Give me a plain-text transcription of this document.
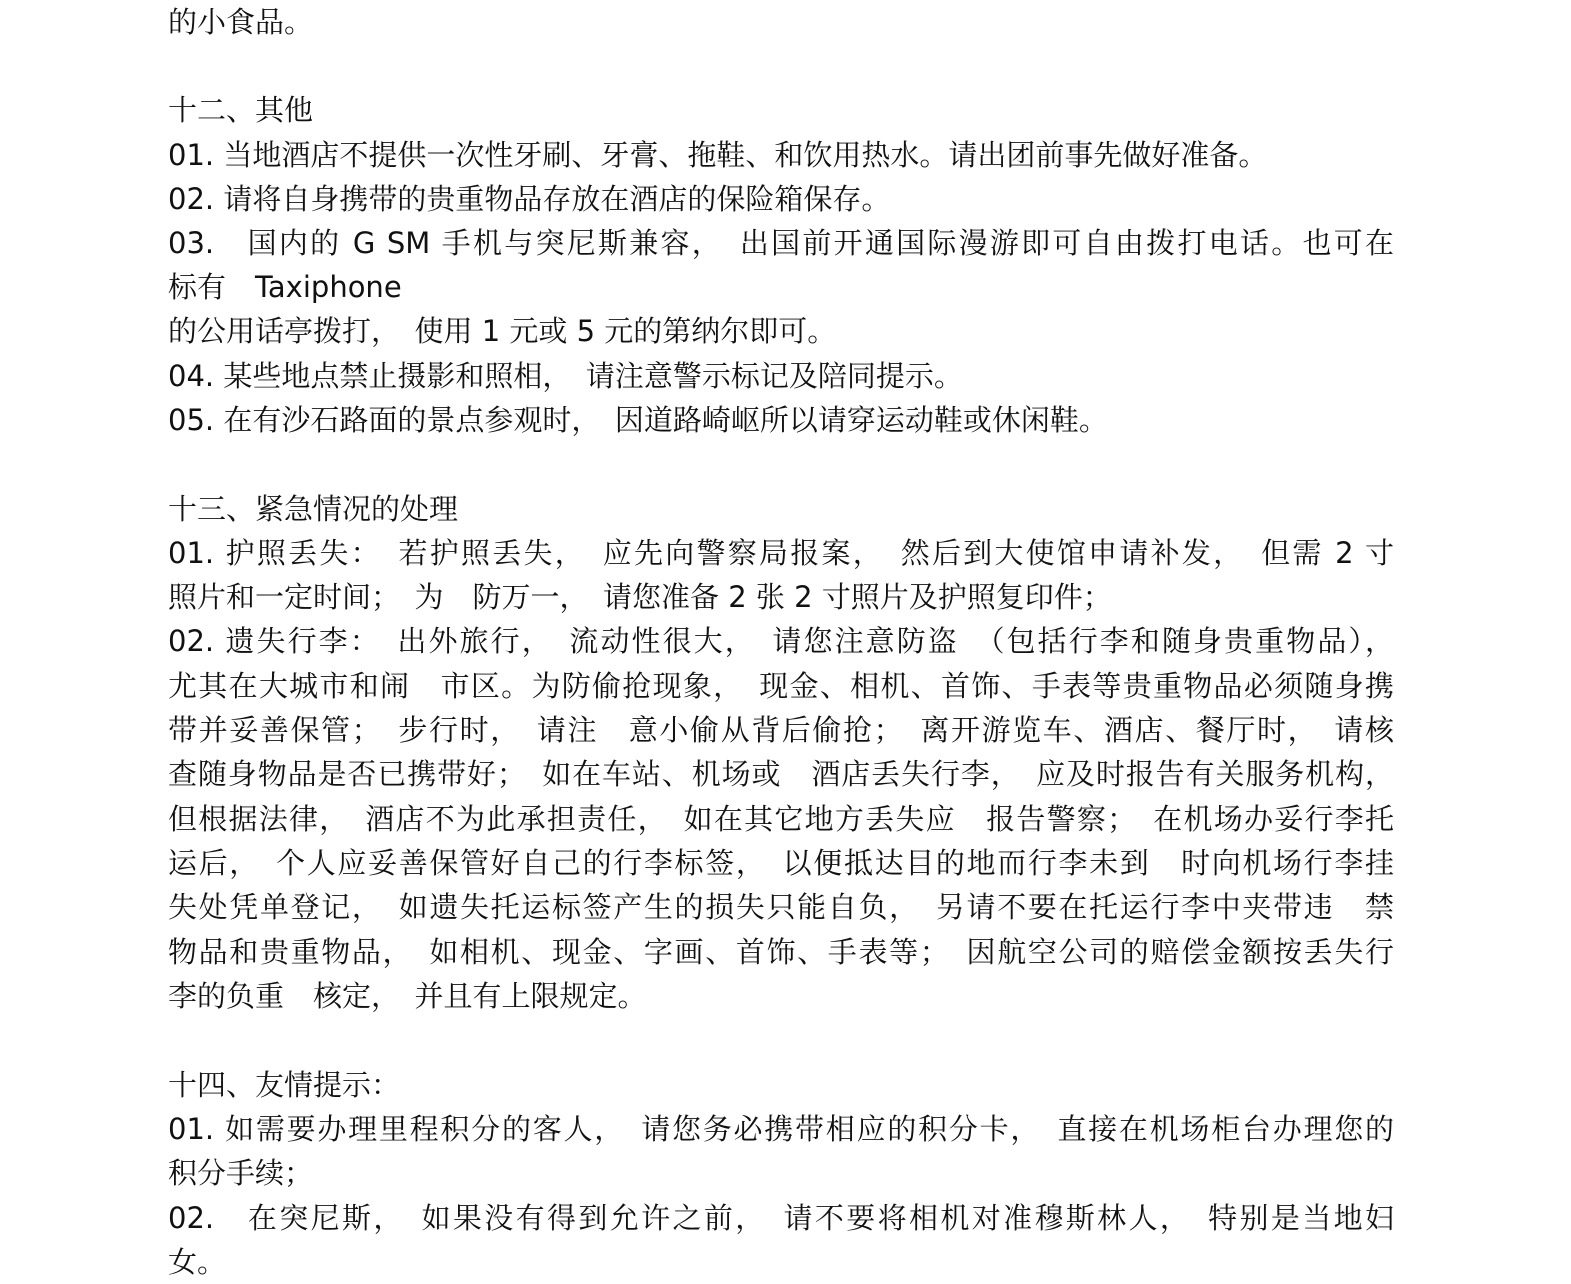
的小食品。
十二、其他
01. 当地酒店不提供一次性牙刷、牙膏、拖鞋、和饮用热水。请出团前事先做好准备。
02. 请将自身携带的贵重物品存放在酒店的保险箱保存。
03.　国内的 G SM 手机与突尼斯兼容，　出国前开通国际漫游即可自由拨打电话。也可在
标有　Taxiphone
的公用话亭拨打，　使用 1 元或 5 元的第纳尔即可。
04. 某些地点禁止摄影和照相，　请注意警示标记及陪同提示。
05. 在有沙石路面的景点参观时，　因道路崎岖所以请穿运动鞋或休闲鞋。
十三、紧急情况的处理
01. 护照丢失：　若护照丢失，　应先向警察局报案，　然后到大使馆申请补发，　但需 2 寸
照片和一定时间；　为　防万一，　请您准备 2 张 2 寸照片及护照复印件；
02. 遗失行李：　出外旅行，　流动性很大，　请您注意防盗　（包括行李和随身贵重物品），
尤其在大城市和闹　市区。为防偷抢现象，　现金、相机、首饰、手表等贵重物品必须随身携
带并妥善保管；　步行时，　请注　意小偷从背后偷抢；　离开游览车、酒店、餐厅时，　请核
查随身物品是否已携带好；　如在车站、机场或　酒店丢失行李，　应及时报告有关服务机构，
但根据法律，　酒店不为此承担责任，　如在其它地方丢失应　报告警察；　在机场办妥行李托
运后，　个人应妥善保管好自己的行李标签，　以便抵达目的地而行李未到　时向机场行李挂
失处凭单登记，　如遗失托运标签产生的损失只能自负，　另请不要在托运行李中夹带违　禁
物品和贵重物品，　如相机、现金、字画、首饰、手表等；　因航空公司的赔偿金额按丢失行
李的负重　核定，　并且有上限规定。
十四、友情提示：
01. 如需要办理里程积分的客人，　请您务必携带相应的积分卡，　直接在机场柜台办理您的
积分手续；
02.　在突尼斯，　如果没有得到允许之前，　请不要将相机对准穆斯林人，　特别是当地妇
女。
